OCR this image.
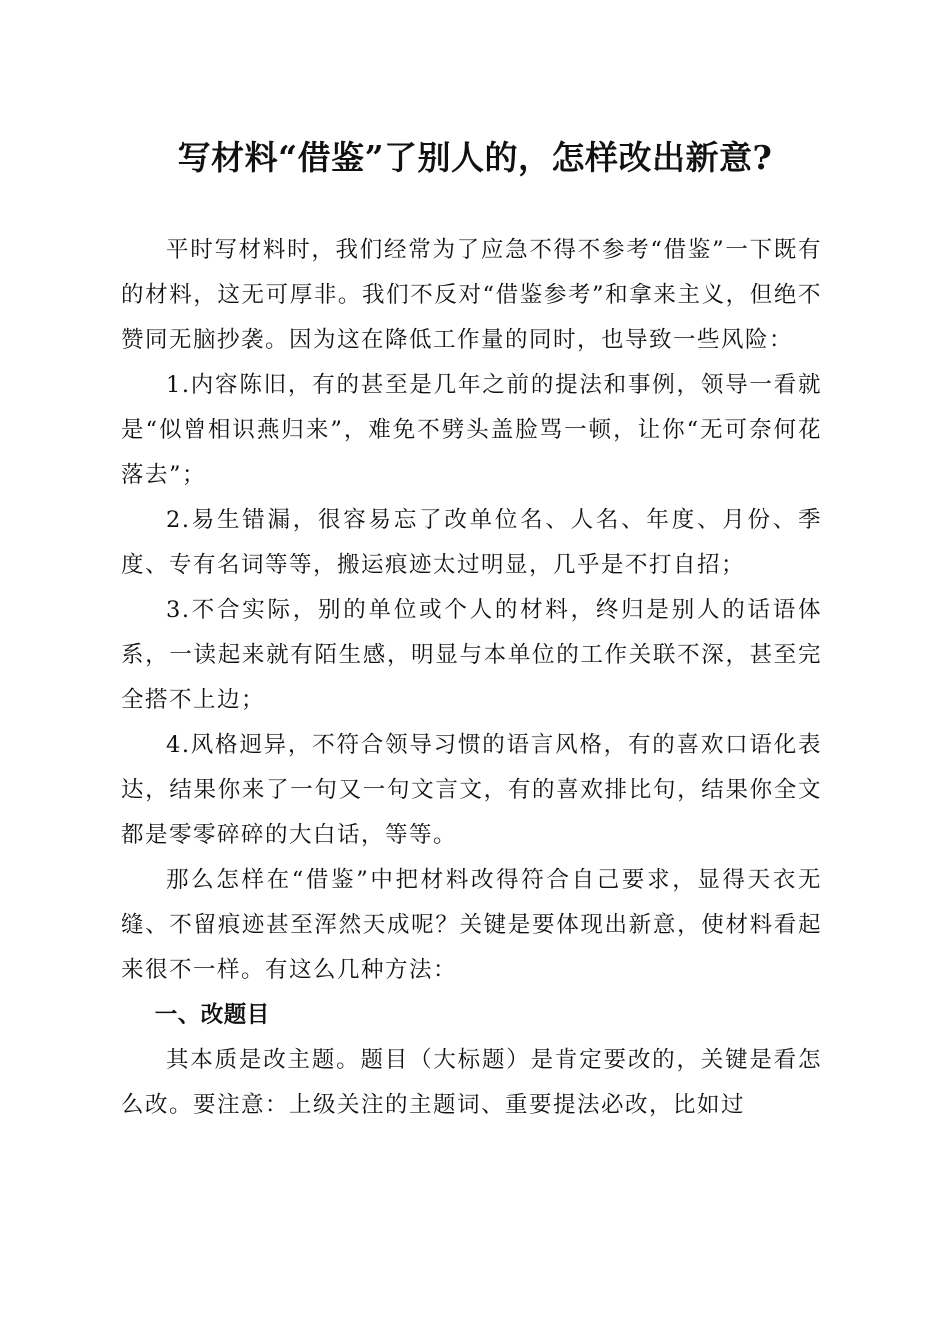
写材料“借鉴”了别人的，怎样改出新意?

平时写材料时，我们经常为了应急不得不参考“借鉴”一下既有的材料，这无可厚非。我们不反对“借鉴参考”和拿来主义，但绝不赞同无脑抄袭。因为这在降低工作量的同时，也导致一些风险：

1.内容陈旧，有的甚至是几年之前的提法和事例，领导一看就是“似曾相识燕归来”，难免不劈头盖脸骂一顿，让你“无可奈何花落去”；

2.易生错漏，很容易忘了改单位名、人名、年度、月份、季度、专有名词等等，搬运痕迹太过明显，几乎是不打自招；

3.不合实际，别的单位或个人的材料，终归是别人的话语体系，一读起来就有陌生感，明显与本单位的工作关联不深，甚至完全搭不上边；

4.风格迥异，不符合领导习惯的语言风格，有的喜欢口语化表达，结果你来了一句又一句文言文，有的喜欢排比句，结果你全文都是零零碎碎的大白话，等等。

那么怎样在“借鉴”中把材料改得符合自己要求，显得天衣无缝、不留痕迹甚至浑然天成呢？关键是要体现出新意，使材料看起来很不一样。有这么几种方法：

一、改题目

其本质是改主题。题目（大标题）是肯定要改的，关键是看怎么改。要注意：上级关注的主题词、重要提法必改，比如过
